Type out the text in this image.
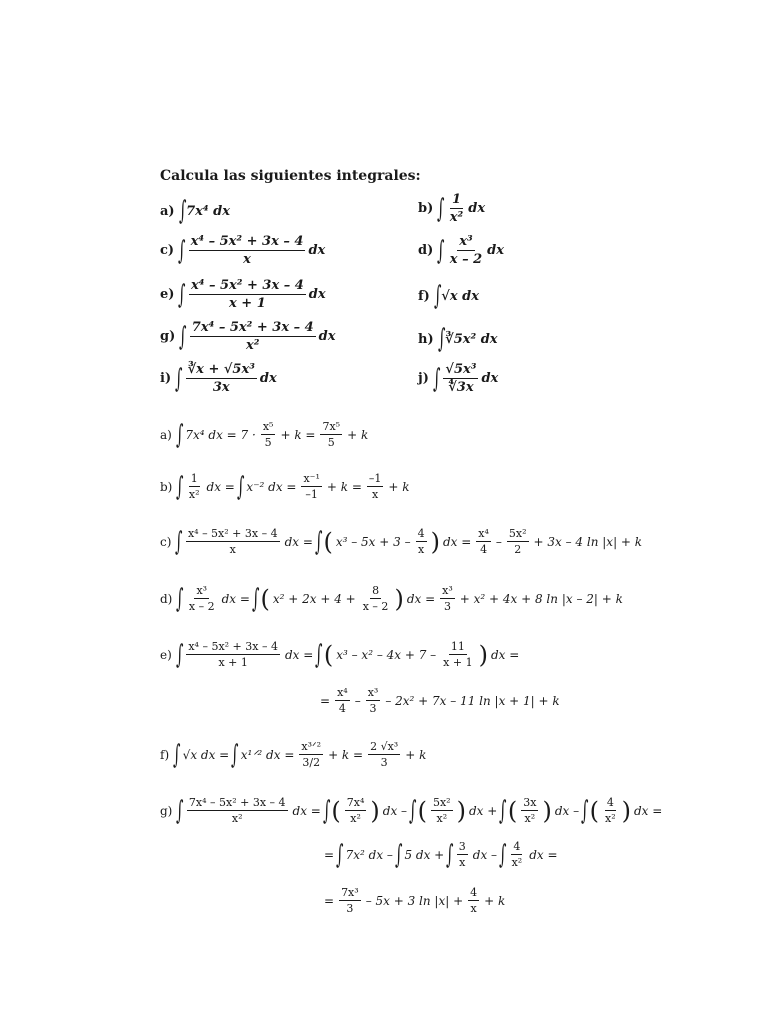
Calcula las siguientes integrales:
a) ∫ 7x⁴ dx	b) ∫ $\frac{1}{\text{x²}}$ dx
c) ∫ $\frac{\text{x⁴ – 5x² + 3x – 4}}{x}$ dx	d) ∫ $\frac{\text{x³}}{x - 2}$ dx
e) ∫ $\frac{\text{x⁴ – 5x² + 3x – 4}}{x + 1}$ dx	f) ∫ √x dx
g) ∫ $\frac{\text{7x⁴ – 5x² + 3x – 4}}{\text{x²}}$ dx	h) ∫ ∛5x² dx
i) ∫ $\frac{\text{∛x + √5x³}}{3x}$ dx	j) ∫ $\frac{\text{√5x³}}{∜3x}$ dx
a) ∫ 7x⁴ dx = $7 \cdot \frac{\text{x⁵}}{5} + k = \frac{\text{7x⁵}}{5} + k$
b) ∫ $\frac{1}{\text{x²}}$ dx = ∫ x⁻² dx = $\frac{\text{x⁻¹}}{-1} + k = \frac{-1}{x} + k$
c) ∫ $\frac{\text{x⁴ – 5x² + 3x – 4}}{x}$ dx = ∫ ( $x^3 - 5x + 3 - \frac{4}{x}$ ) dx = $\frac{\text{x⁴}}{4} - \frac{\text{5x²}}{2} + 3x - 4$ ln |x| + k
d) ∫ $\frac{\text{x³}}{x - 2}$ dx = ∫ ( $x^2 + 2x + 4 + \frac{8}{x - 2}$ ) dx = $\frac{\text{x³}}{3} + x^2 + 4x + 8$ ln |x – 2| + k
e) ∫ $\frac{\text{x⁴ – 5x² + 3x – 4}}{x + 1}$ dx = ∫ ( $x^3 - x^2 - 4x + 7 - \frac{11}{x + 1}$ ) dx =
= $\frac{\text{x⁴}}{4} - \frac{\text{x³}}{3} - 2x^2 + 7x - 11$ ln |x + 1| + k
f) ∫ √x dx = ∫ x¹ᐟ² dx = $\frac{\text{x³ᐟ²}}{3/2} + k = \frac{\text{2 √x³}}{3} + k$
g) ∫ $\frac{\text{7x⁴ – 5x² + 3x – 4}}{\text{x²}}$ dx = ∫ ( $\frac{\text{7x⁴}}{\text{x²}}$ ) dx – ∫ ( $\frac{\text{5x²}}{\text{x²}}$ ) dx + ∫ ( $\frac{3x}{\text{x²}}$ ) dx – ∫ ( $\frac{4}{\text{x²}}$ ) dx =
= ∫ 7x² dx – ∫ 5 dx + ∫ $\frac{3}{x}$ dx – ∫ $\frac{4}{\text{x²}}$ dx =
= $\frac{\text{7x³}}{3} - 5x + 3$ $\ln |x| + \frac{4}{x} + k$
